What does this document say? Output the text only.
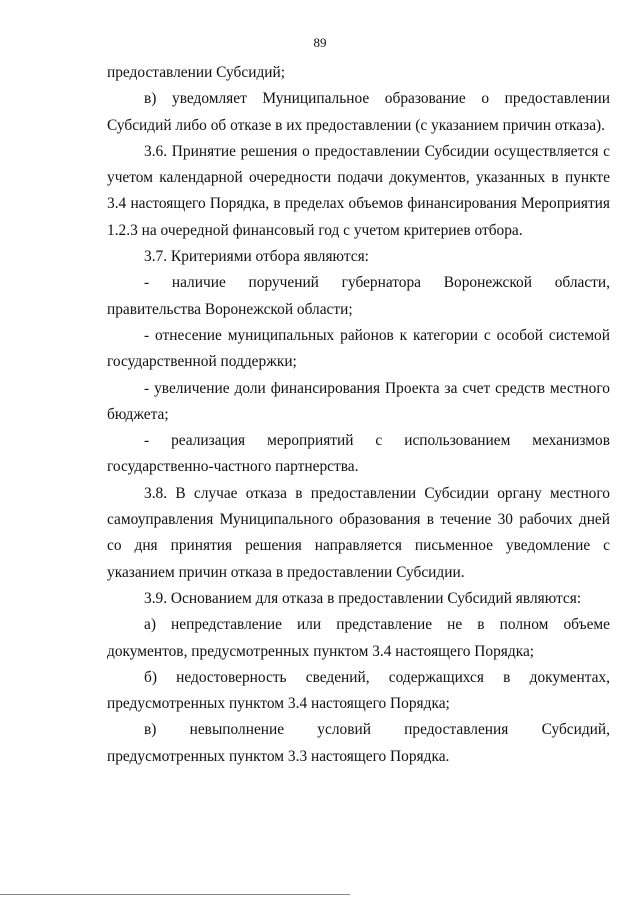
89

предоставлении Субсидий;

в) уведомляет Муниципальное образование о предоставлении Субсидий либо об отказе в их предоставлении (с указанием причин отказа).

3.6. Принятие решения о предоставлении Субсидии осуществляется с учетом календарной очередности подачи документов, указанных в пункте 3.4 настоящего Порядка, в пределах объемов финансирования Мероприятия 1.2.3 на очередной финансовый год с учетом критериев отбора.

3.7. Критериями отбора являются:

- наличие поручений губернатора Воронежской области, правительства Воронежской области;

- отнесение муниципальных районов к категории с особой системой государственной поддержки;

- увеличение доли финансирования Проекта за счет средств местного бюджета;

- реализация мероприятий с использованием механизмов государственно-частного партнерства.

3.8. В случае отказа в предоставлении Субсидии органу местного самоуправления Муниципального образования в течение 30 рабочих дней со дня принятия решения направляется письменное уведомление с указанием причин отказа в предоставлении Субсидии.

3.9. Основанием для отказа в предоставлении Субсидий являются:

а) непредставление или представление не в полном объеме документов, предусмотренных пунктом 3.4 настоящего Порядка;

б) недостоверность сведений, содержащихся в документах, предусмотренных пунктом 3.4 настоящего Порядка;

в) невыполнение условий предоставления Субсидий, предусмотренных пунктом 3.3 настоящего Порядка.
